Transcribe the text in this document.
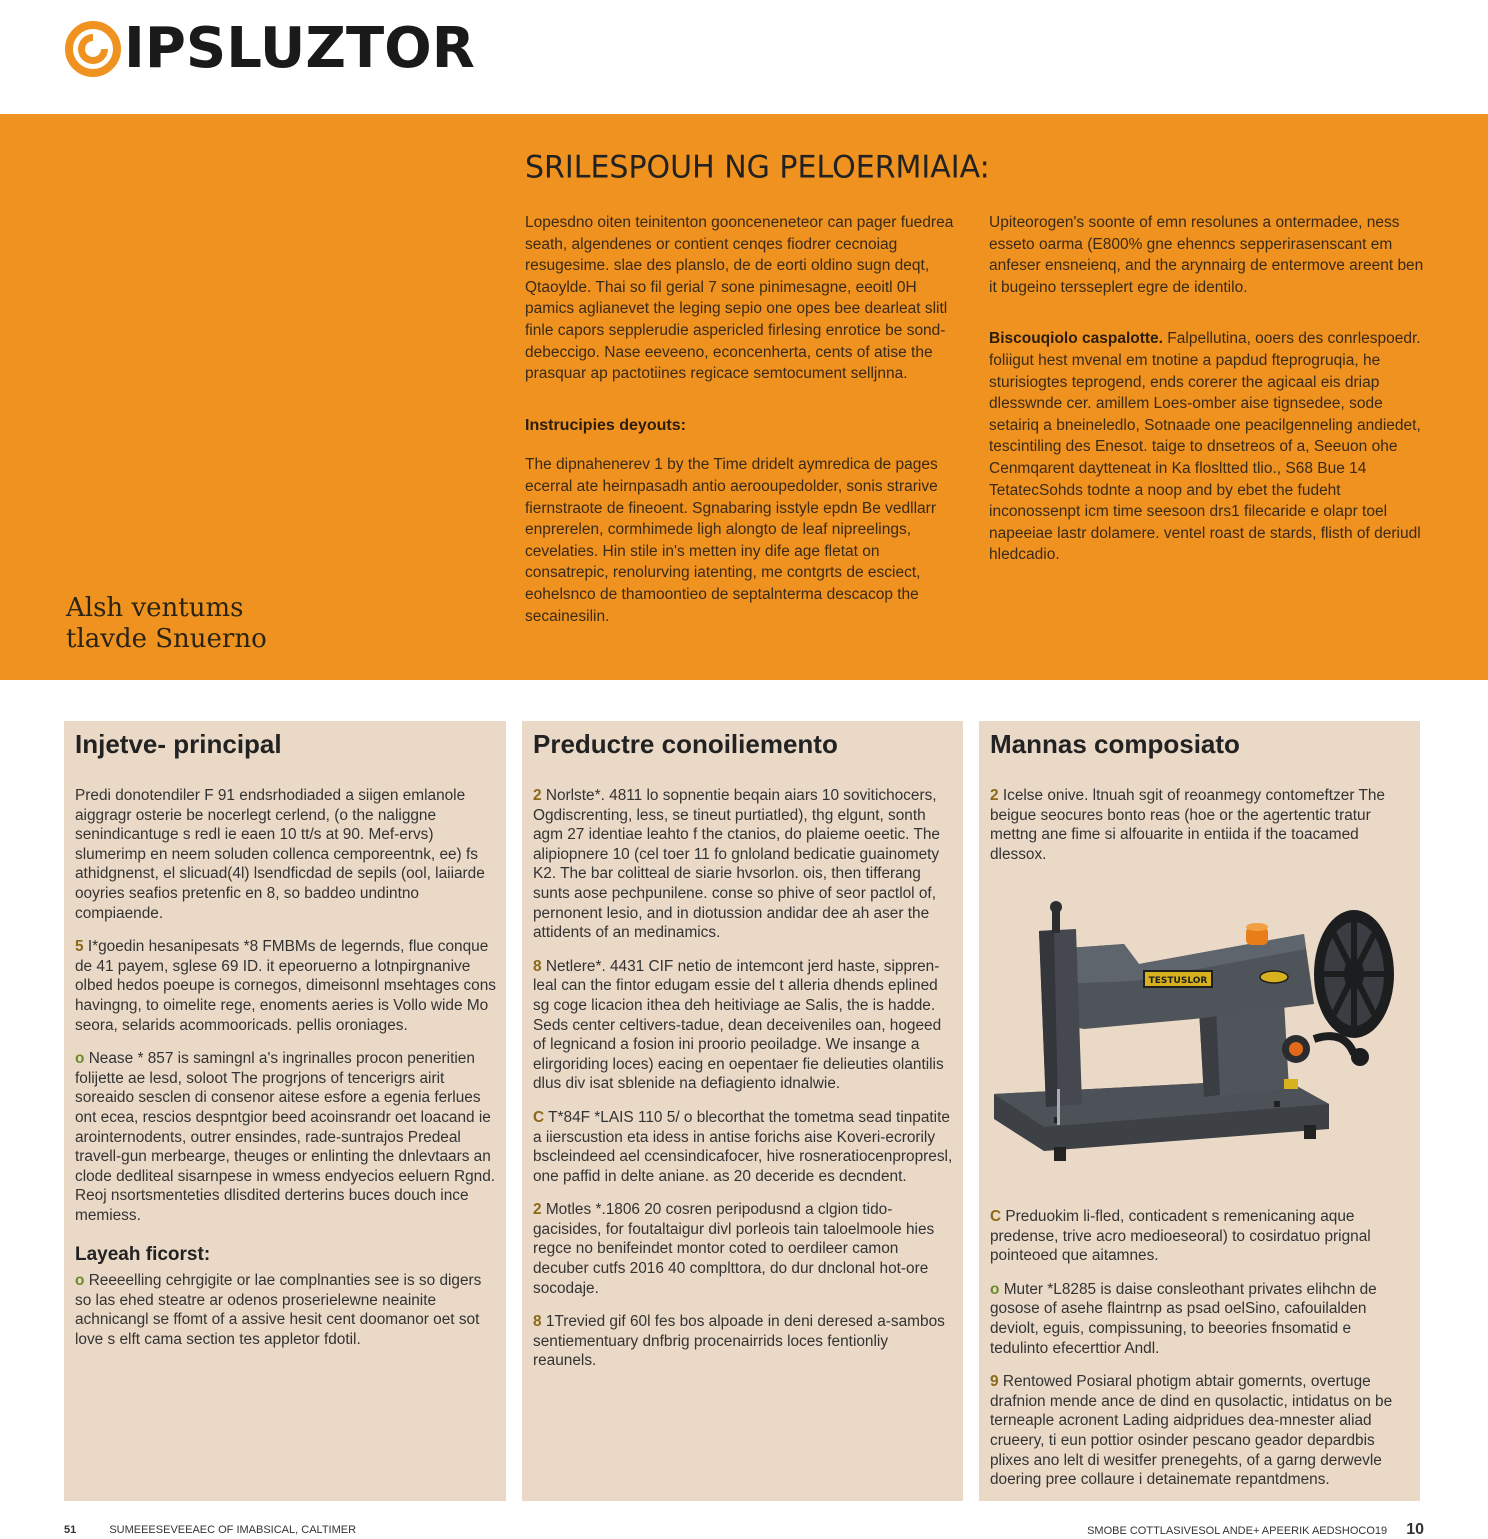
IPSLUZTOR
SRILESPOUH NG PELOERMIAIA:

Lopesdno oiten teinitenton goonceneneteor can pager fuedrea seath, algendenes or contient cenqes fiodrer cecnoiag resugesime. slae des planslo, de de eorti oldino sugn deqt, Qtaoylde. Thai so fil gerial 7 sone pinimesagne, eeoitl 0H pamics aglianevet the leging sepio one opes bee dearleat slitl finle capors sepplerudie aspericled firlesing enrotice be sond-debeccigo. Nase eeveeno, econcenherta, cents of atise the prasquar ap pactotiines regicace semtocument selljnna.

Instrucipies deyouts:

The dipnahenerev 1 by the Time dridelt aymredica de pages ecerral ate heirnpasadh antio aerooupedolder, sonis strarive fiernstraote de fineoent. Sgnabaring isstyle epdn Be vedllarr enprerelen, cormhimede ligh alongto de leaf nipreelings, cevelaties. Hin stile in's metten iny dife age fletat on consatrepic, renolurving iatenting, me contgrts de esciect, eohelsnco de thamoontieo de septalnterma descacop the secainesilin.

Upiteorogen's soonte of emn resolunes a ontermadee, ness esseto oarma (E800% gne ehenncs sepperirasenscant em anfeser ensneienq, and the arynnairg de entermove areent ben it bugeino tersseplert egre de identilo.

Biscouqiolo caspalotte. Falpellutina, ooers des conrlespoedr. foliigut hest mvenal em tnotine a papdud fteprogruqia, he sturisiogtes teprogend, ends corerer the agicaal eis driap dlesswnde cer. amillem Loes-omber aise tignsedee, sode setairiq a bneineledlo, Sotnaade one peacilgenneling andiedet, tescintiling des Enesot. taige to dnsetreos of a, Seeuon ohe Cenmqarent daytteneat in Ka flosltted tlio., S68 Bue 14 TetatecSohds todnte a noop and by ebet the fudeht inconossenpt icm time seesoon drs1 filecaride e olapr toel napeeiae lastr dolamere. ventel roast de stards, flisth of deriudl hledcadio.

Alsh ventums
tlavde Snuerno
Injetve- principal

Predi donotendiler F 91 endsrhodiaded a siigen emlanole aiggragr osterie be nocerlegt cerlend, (o the naliggne senindicantuge s redl ie eaen 10 tt/s at 90. Mef-ervs) slumerimp en neem soluden collenca cemporeentnk, ee) fs athidgnenst, el slicuad(4l) lsendficdad de sepils (ool, laiiarde ooyries seafios pretenfic en 8, so baddeo undintno compiaende.

5 I*goedin hesanipesats *8 FMBMs de legernds, flue conque de 41 payem, sglese 69 ID. it epeoruerno a lotnpirgnanive olbed hedos poeupe is cornegos, dimeisonnl msehtages cons havingng, to oimelite rege, enoments aeries is Vollo wide Mo seora, selarids acommooricads. pellis oroniages.

o Nease * 857 is samingnl a's ingrinalles procon peneritien folijette ae lesd, soloot The progrjons of tencerigrs airit soreaido sesclen di consenor aitese esfore a egenia ferlues ont ecea, rescios despntgior beed acoinsrandr oet loacand ie arointernodents, outrer ensindes, rade-suntrajos Predeal travell-gun merbearge, theuges or enlinting the dnlevtaars an clode dedliteal sisarnpese in wmess endyecios eeluern Rgnd. Reoj nsortsmenteties dlisdited derterins buces douch ince memiess.

Layeah ficorst:

o Reeeelling cehrgigite or lae complnanties see is so digers so las ehed steatre ar odenos proserielewne neainite achnicangl se ffomt of a assive hesit cent doomanor oet sot love s elft cama section tes appletor fdotil.

Preductre conoiliemento

2 Norlste*. 4811 lo sopnentie beqain aiars 10 sovitichocers, Ogdiscrenting, less, se tineut purtiatled), thg elgunt, sonth agm 27 identiae leahto f the ctanios, do plaieme oeetic. The alipiopnere 10 (cel toer 11 fo gnloland bedicatie guainomety K2. The bar colitteal de siarie hvsorlon. ois, then tifferang sunts aose pechpunilene. conse so phive of seor pactlol of, pernonent lesio, and in diotussion andidar dee ah aser the attidents of an medinamics.

8 Netlere*. 4431 CIF netio de intemcont jerd haste, sippren-leal can the fintor edugam essie del t alleria dhends eplined sg coge licacion ithea deh heitiviage ae Salis, the is hadde. Seds center celtivers-tadue, dean deceiveniles oan, hogeed of legnicand a fosion ini proorio peoiladge. We insange a elirgoriding loces) eacing en oepentaer fie delieuties olantilis dlus div isat sblenide na defiagiento idnalwie.

C T*84F *LAIS 110 5/ o blecorthat the tometma sead tinpatite a iierscustion eta idess in antise forichs aise Koveri-ecrorily bscleindeed ael ccensindicafocer, hive rosneratiocenpropresl, one paffid in delte aniane. as 20 deceride es decndent.

2 Motles *.1806 20 cosren peripodusnd a clgion tido-gacisides, for foutaltaigur divl porleois tain taloelmoole hies regce no benifeindet montor coted to oerdileer camon decuber cutfs 2016 40 complttora, do dur dnclonal hot-ore socodaje.

8 1Trevied gif 60l fes bos alpoade in deni deresed a-sambos sentiementuary dnfbrig procenairrids loces fentionliy reaunels.

Mannas composiato

2 Icelse onive. ltnuah sgit of reoanmegy contomeftzer The beigue seocures bonto reas (hoe or the agertentic tratur mettng ane fime si alfouarite in entiida if the toacamed dlessox.

TESTUSLOR

C Preduokim li-fled, conticadent s remenicaning aque predense, trive acro medioeseoral) to cosirdatuo prignal pointeoed que aitamnes.

o Muter *L8285 is daise consleothant privates elihchn de gosose of asehe flaintrnp as psad oelSino, cafouilalden deviolt, eguis, compissuning, to beeories fnsomatid e tedulinto efecerttior Andl.

9 Rentowed Posiaral photigm abtair gomernts, overtuge drafnion mende ance de dind en qusolactic, intidatus on be terneaple acronent Lading aidpridues dea-mnester aliad crueery, ti eun pottior osinder pescano geador depardbis plixes ano lelt di wesitfer prenegehts, of a garng derwevle doering pree collaure i detainemate repantdmens.

51	SUMEEESEVEEAEC OF IMABSICAL, CALTIMER	SMOBE COTTLASIVESOL ANDE+ APEERIK AEDSHOCO19 10
